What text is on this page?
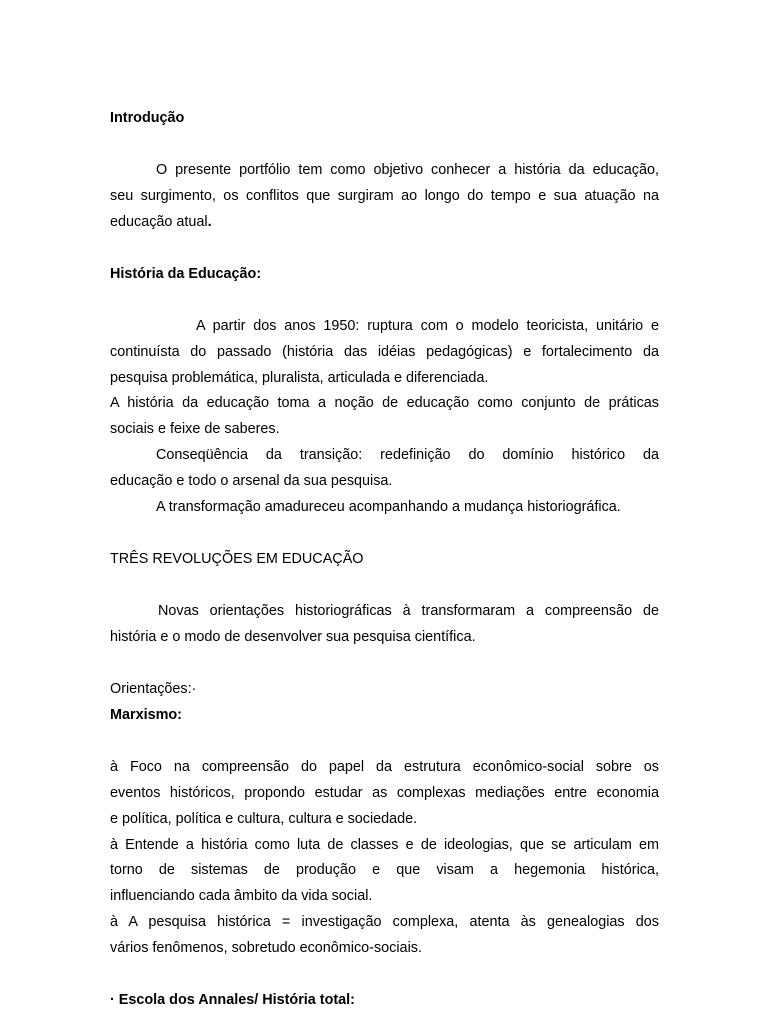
Introdução
O presente portfólio tem como objetivo conhecer a história da educação,
seu surgimento, os conflitos que surgiram ao longo do tempo e sua atuação na
educação atual.
História da Educação:
A partir dos anos 1950: ruptura com o modelo teoricista, unitário e
continuísta do passado (história das idéias pedagógicas) e fortalecimento da
pesquisa problemática, pluralista, articulada e diferenciada.
A história da educação toma a noção de educação como conjunto de práticas
sociais e feixe de saberes.
Conseqüência da transição: redefinição do domínio histórico da
educação e todo o arsenal da sua pesquisa.
A transformação amadureceu acompanhando a mudança historiográfica.
TRÊS REVOLUÇÕES EM EDUCAÇÃO
Novas orientações historiográficas à transformaram a compreensão de
história e o modo de desenvolver sua pesquisa científica.
Orientações:·
Marxismo:
à Foco na compreensão do papel da estrutura econômico-social sobre os
eventos históricos, propondo estudar as complexas mediações entre economia
e política, política e cultura, cultura e sociedade.
à Entende a história como luta de classes e de ideologias, que se articulam em
torno de sistemas de produção e que visam a hegemonia histórica,
influenciando cada âmbito da vida social.
à A pesquisa histórica = investigação complexa, atenta às genealogias dos
vários fenômenos, sobretudo econômico-sociais.
· Escola dos Annales/ História total:
